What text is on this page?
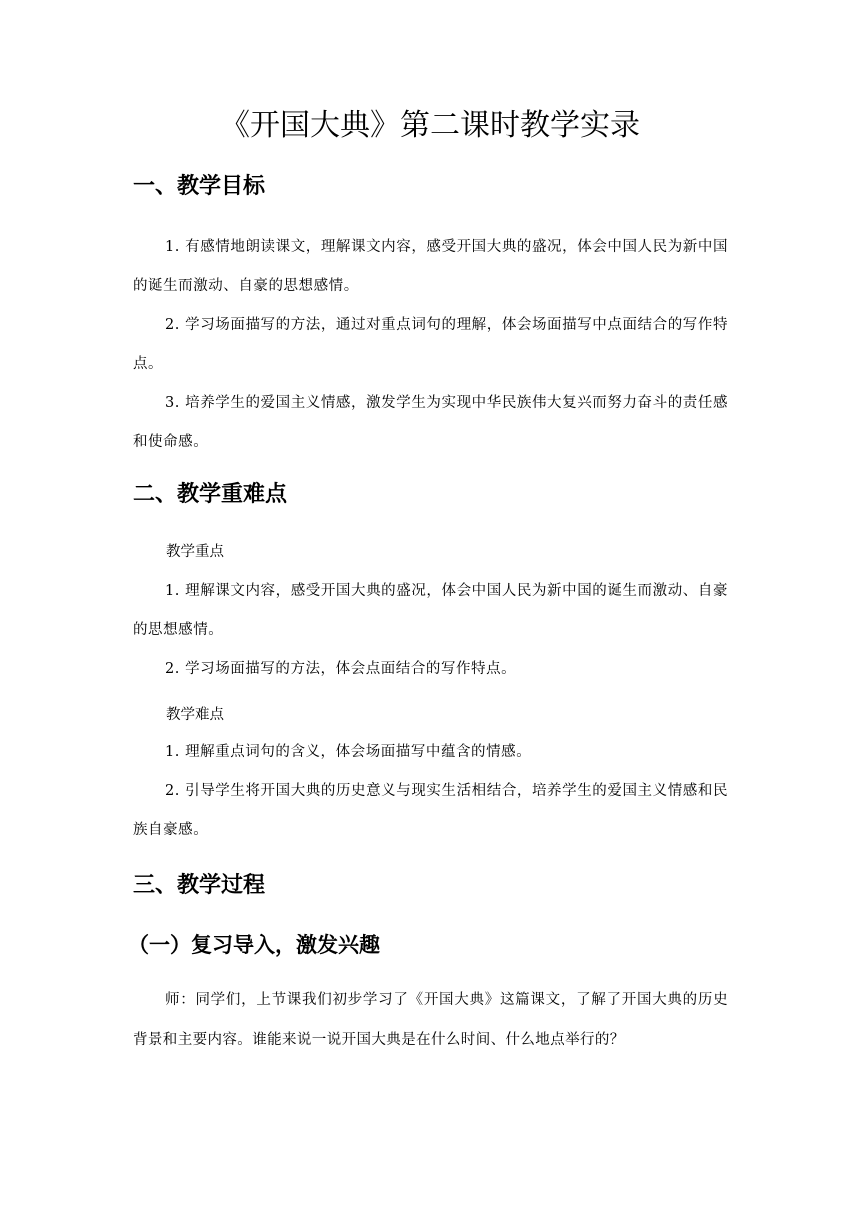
《开国大典》第二课时教学实录
一、教学目标

1. 有感情地朗读课文，理解课文内容，感受开国大典的盛况，体会中国人民为新中国的诞生而激动、自豪的思想感情。

2. 学习场面描写的方法，通过对重点词句的理解，体会场面描写中点面结合的写作特点。

3. 培养学生的爱国主义情感，激发学生为实现中华民族伟大复兴而努力奋斗的责任感和使命感。

二、教学重难点

教学重点

1. 理解课文内容，感受开国大典的盛况，体会中国人民为新中国的诞生而激动、自豪的思想感情。

2. 学习场面描写的方法，体会点面结合的写作特点。

教学难点

1. 理解重点词句的含义，体会场面描写中蕴含的情感。

2. 引导学生将开国大典的历史意义与现实生活相结合，培养学生的爱国主义情感和民族自豪感。

三、教学过程
（一）复习导入，激发兴趣

师：同学们，上节课我们初步学习了《开国大典》这篇课文，了解了开国大典的历史背景和主要内容。谁能来说一说开国大典是在什么时间、什么地点举行的？
